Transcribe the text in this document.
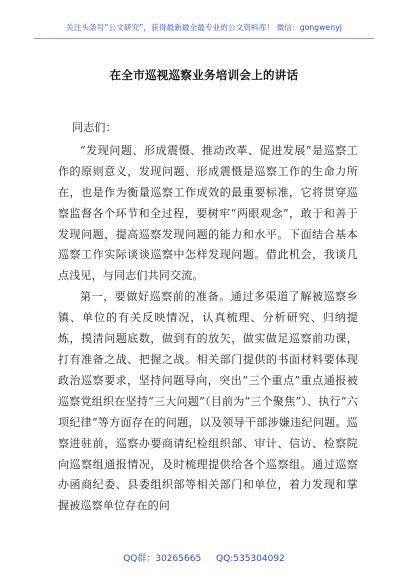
关注头条号“公文研究”，获得最新最全最专业的公文资料库！ 微信：gongwenyj
在全市巡视巡察业务培训会上的讲话

同志们：

“发现问题、形成震慑、推动改革、促进发展”是巡察工作的原则意义，发现问题、形成震慑是巡察工作的生命力所在，也是作为衡量巡察工作成效的最重要标准，它将贯穿巡察监督各个环节和全过程，要树牢“两眼观念”，敢于和善于发现问题，提高巡察发现问题的能力和水平。下面结合基本巡察工作实际谈谈巡察中怎样发现问题。借此机会，我谈几点浅见，与同志们共同交流。

第一，要做好巡察前的准备。通过多渠道了解被巡察乡镇、单位的有关反映情况，认真梳理、分析研究、归纳提炼，摸清问题底数，做到有的放矢，做实做足巡察前功课，打有准备之战、把握之战。相关部门提供的书面材料要体现政治巡察要求，坚持问题导向，突出“三个重点”重点通报被巡察党组织在坚持“三大问题”（目前为“三个聚焦”）、执行“六项纪律”等方面存在的问题，以及领导干部涉嫌违纪问题。巡察进驻前，巡察办要商请纪检组织部、审计、信访、检察院向巡察组通报情况，及时梳理提供给各个巡察组。通过巡察办函商纪委、县委组织部等相关部门和单位，着力发现和掌握被巡察单位存在的问

QQ群：30265665 QQ:535304092
